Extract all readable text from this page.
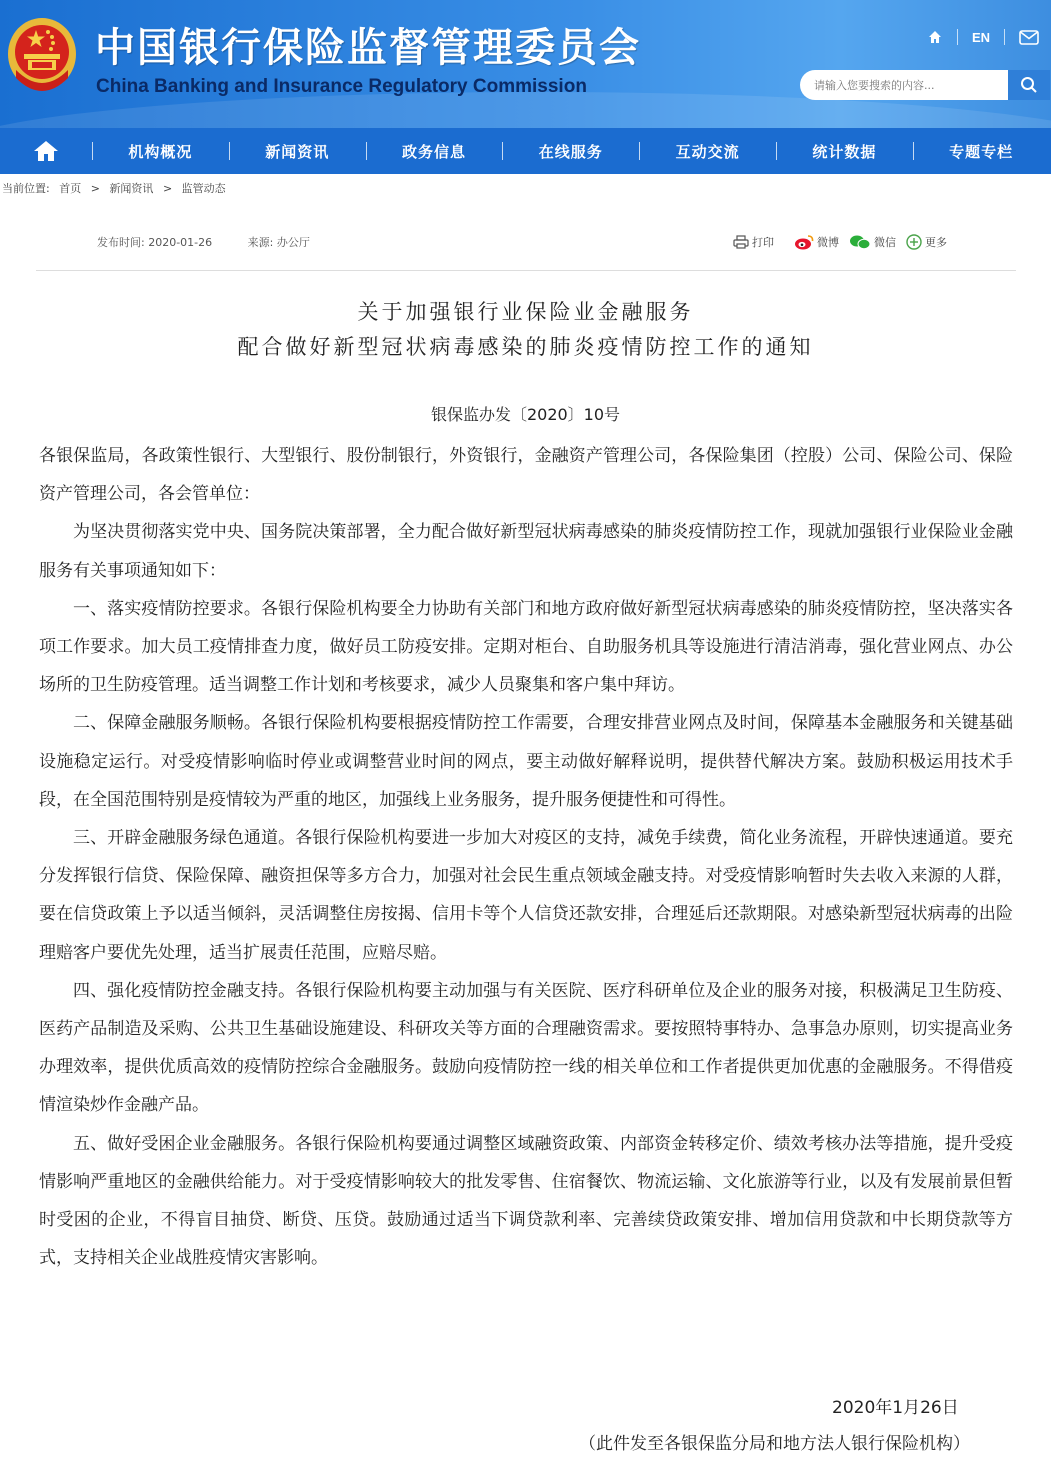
中国银行保险监督管理委员会
China Banking and Insurance Regulatory Commission
EN
请输入您要搜索的内容...
机构概况	新闻资讯	政务信息	在线服务	互动交流	统计数据	专题专栏
当前位置: 首页 > 新闻资讯 > 监管动态
发布时间: 2020-01-26	来源: 办公厅	打印	微博	微信	更多
关于加强银行业保险业金融服务
配合做好新型冠状病毒感染的肺炎疫情防控工作的通知
银保监办发〔2020〕10号

各银保监局，各政策性银行、大型银行、股份制银行，外资银行，金融资产管理公司，各保险集团（控股）公司、保险公司、保险资产管理公司，各会管单位：

为坚决贯彻落实党中央、国务院决策部署，全力配合做好新型冠状病毒感染的肺炎疫情防控工作，现就加强银行业保险业金融服务有关事项通知如下：

一、落实疫情防控要求。各银行保险机构要全力协助有关部门和地方政府做好新型冠状病毒感染的肺炎疫情防控，坚决落实各项工作要求。加大员工疫情排查力度，做好员工防疫安排。定期对柜台、自助服务机具等设施进行清洁消毒，强化营业网点、办公场所的卫生防疫管理。适当调整工作计划和考核要求，减少人员聚集和客户集中拜访。

二、保障金融服务顺畅。各银行保险机构要根据疫情防控工作需要，合理安排营业网点及时间，保障基本金融服务和关键基础设施稳定运行。对受疫情影响临时停业或调整营业时间的网点，要主动做好解释说明，提供替代解决方案。鼓励积极运用技术手段，在全国范围特别是疫情较为严重的地区，加强线上业务服务，提升服务便捷性和可得性。

三、开辟金融服务绿色通道。各银行保险机构要进一步加大对疫区的支持，减免手续费，简化业务流程，开辟快速通道。要充分发挥银行信贷、保险保障、融资担保等多方合力，加强对社会民生重点领域金融支持。对受疫情影响暂时失去收入来源的人群，要在信贷政策上予以适当倾斜，灵活调整住房按揭、信用卡等个人信贷还款安排，合理延后还款期限。对感染新型冠状病毒的出险理赔客户要优先处理，适当扩展责任范围，应赔尽赔。

四、强化疫情防控金融支持。各银行保险机构要主动加强与有关医院、医疗科研单位及企业的服务对接，积极满足卫生防疫、医药产品制造及采购、公共卫生基础设施建设、科研攻关等方面的合理融资需求。要按照特事特办、急事急办原则，切实提高业务办理效率，提供优质高效的疫情防控综合金融服务。鼓励向疫情防控一线的相关单位和工作者提供更加优惠的金融服务。不得借疫情渲染炒作金融产品。

五、做好受困企业金融服务。各银行保险机构要通过调整区域融资政策、内部资金转移定价、绩效考核办法等措施，提升受疫情影响严重地区的金融供给能力。对于受疫情影响较大的批发零售、住宿餐饮、物流运输、文化旅游等行业，以及有发展前景但暂时受困的企业，不得盲目抽贷、断贷、压贷。鼓励通过适当下调贷款利率、完善续贷政策安排、增加信用贷款和中长期贷款等方式，支持相关企业战胜疫情灾害影响。

2020年1月26日
（此件发至各银保监分局和地方法人银行保险机构）
